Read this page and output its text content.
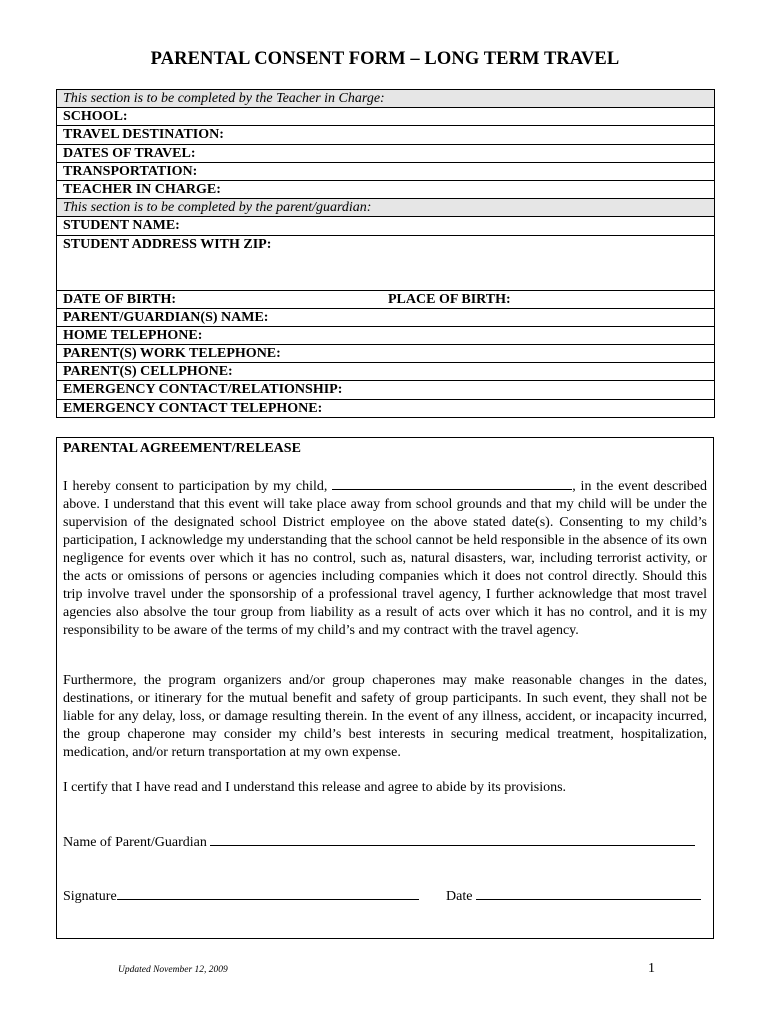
PARENTAL CONSENT FORM – LONG TERM TRAVEL
This section is to be completed by the Teacher in Charge:
SCHOOL:
TRAVEL DESTINATION:
DATES OF TRAVEL:
TRANSPORTATION:
TEACHER IN CHARGE:
This section is to be completed by the parent/guardian:
STUDENT NAME:
STUDENT ADDRESS WITH ZIP:
DATE OF BIRTH:	PLACE OF BIRTH:

PARENT/GUARDIAN(S) NAME:
HOME TELEPHONE:
PARENT(S) WORK TELEPHONE:
PARENT(S) CELLPHONE:
EMERGENCY CONTACT/RELATIONSHIP:
EMERGENCY CONTACT TELEPHONE:
PARENTAL AGREEMENT/RELEASE

I hereby consent to participation by my child,	, in the event described above. I understand that this event will take place away from school grounds and that my child will be under the supervision of the designated school District employee on the above stated date(s). Consenting to my child’s participation, I acknowledge my understanding that the school cannot be held responsible in the absence of its own negligence for events over which it has no control, such as, natural disasters, war, including terrorist activity, or the acts or omissions of persons or agencies including companies which it does not control directly. Should this trip involve travel under the sponsorship of a professional travel agency, I further acknowledge that most travel agencies also absolve the tour group from liability as a result of acts over which it has no control, and it is my responsibility to be aware of the terms of my child’s and my contract with the travel agency.

Furthermore, the program organizers and/or group chaperones may make reasonable changes in the dates, destinations, or itinerary for the mutual benefit and safety of group participants. In such event, they shall not be liable for any delay, loss, or damage resulting therein. In the event of any illness, accident, or incapacity incurred, the group chaperone may consider my child’s best interests in securing medical treatment, hospitalization, medication, and/or return transportation at my own expense.

I certify that I have read and I understand this release and agree to abide by its provisions.

Name of Parent/Guardian
Signature	Date
Updated November 12, 2009	1
